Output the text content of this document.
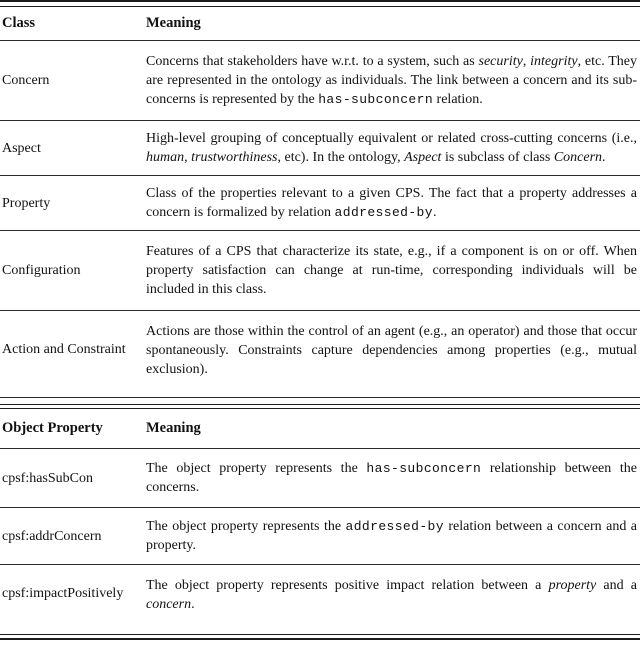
Class	Meaning
Concern	Concerns that stakeholders have w.r.t. to a system, such as security, integrity, etc. They are represented in the ontology as individuals. The link between a concern and its sub-concerns is represented by the has-subconcern relation.
Aspect	High-level grouping of conceptually equivalent or related cross-cutting concerns (i.e., human, trustworthiness, etc). In the ontology, Aspect is subclass of class Concern.
Property	Class of the properties relevant to a given CPS. The fact that a property addresses a concern is formalized by relation addressed-by.
Configuration	Features of a CPS that characterize its state, e.g., if a component is on or off. When property satisfaction can change at run-time, corresponding individuals will be included in this class.
Action and Constraint	Actions are those within the control of an agent (e.g., an operator) and those that occur spontaneously. Constraints capture dependencies among properties (e.g., mutual exclusion).
Object Property	Meaning
cpsf:hasSubCon	The object property represents the has-subconcern relationship between the concerns.
cpsf:addrConcern	The object property represents the addressed-by relation between a concern and a property.
cpsf:impactPositively	The object property represents positive impact relation between a property and a concern.
